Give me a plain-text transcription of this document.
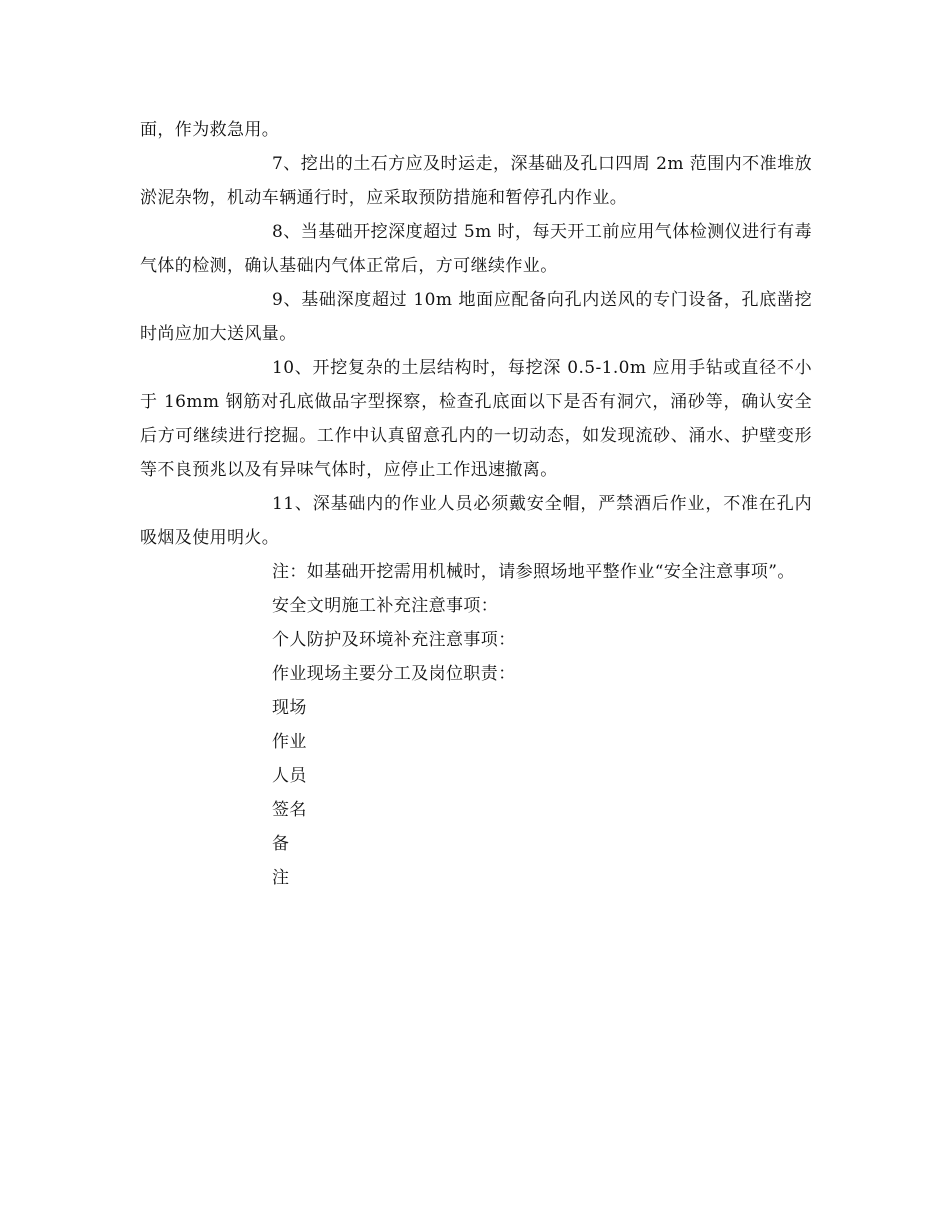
面，作为救急用。

7、挖出的土石方应及时运走，深基础及孔口四周 2m 范围内不准堆放淤泥杂物，机动车辆通行时，应采取预防措施和暂停孔内作业。

8、当基础开挖深度超过 5m 时，每天开工前应用气体检测仪进行有毒气体的检测，确认基础内气体正常后，方可继续作业。

9、基础深度超过 10m 地面应配备向孔内送风的专门设备，孔底凿挖时尚应加大送风量。

10、开挖复杂的土层结构时，每挖深 0.5-1.0m 应用手钻或直径不小于 16mm 钢筋对孔底做品字型探察，检查孔底面以下是否有洞穴，涌砂等，确认安全后方可继续进行挖掘。工作中认真留意孔内的一切动态，如发现流砂、涌水、护壁变形等不良预兆以及有异味气体时，应停止工作迅速撤离。

11、深基础内的作业人员必须戴安全帽，严禁酒后作业，不准在孔内吸烟及使用明火。

注：如基础开挖需用机械时，请参照场地平整作业“安全注意事项”。

安全文明施工补充注意事项：

个人防护及环境补充注意事项：

作业现场主要分工及岗位职责：

现场

作业

人员

签名

备

注
